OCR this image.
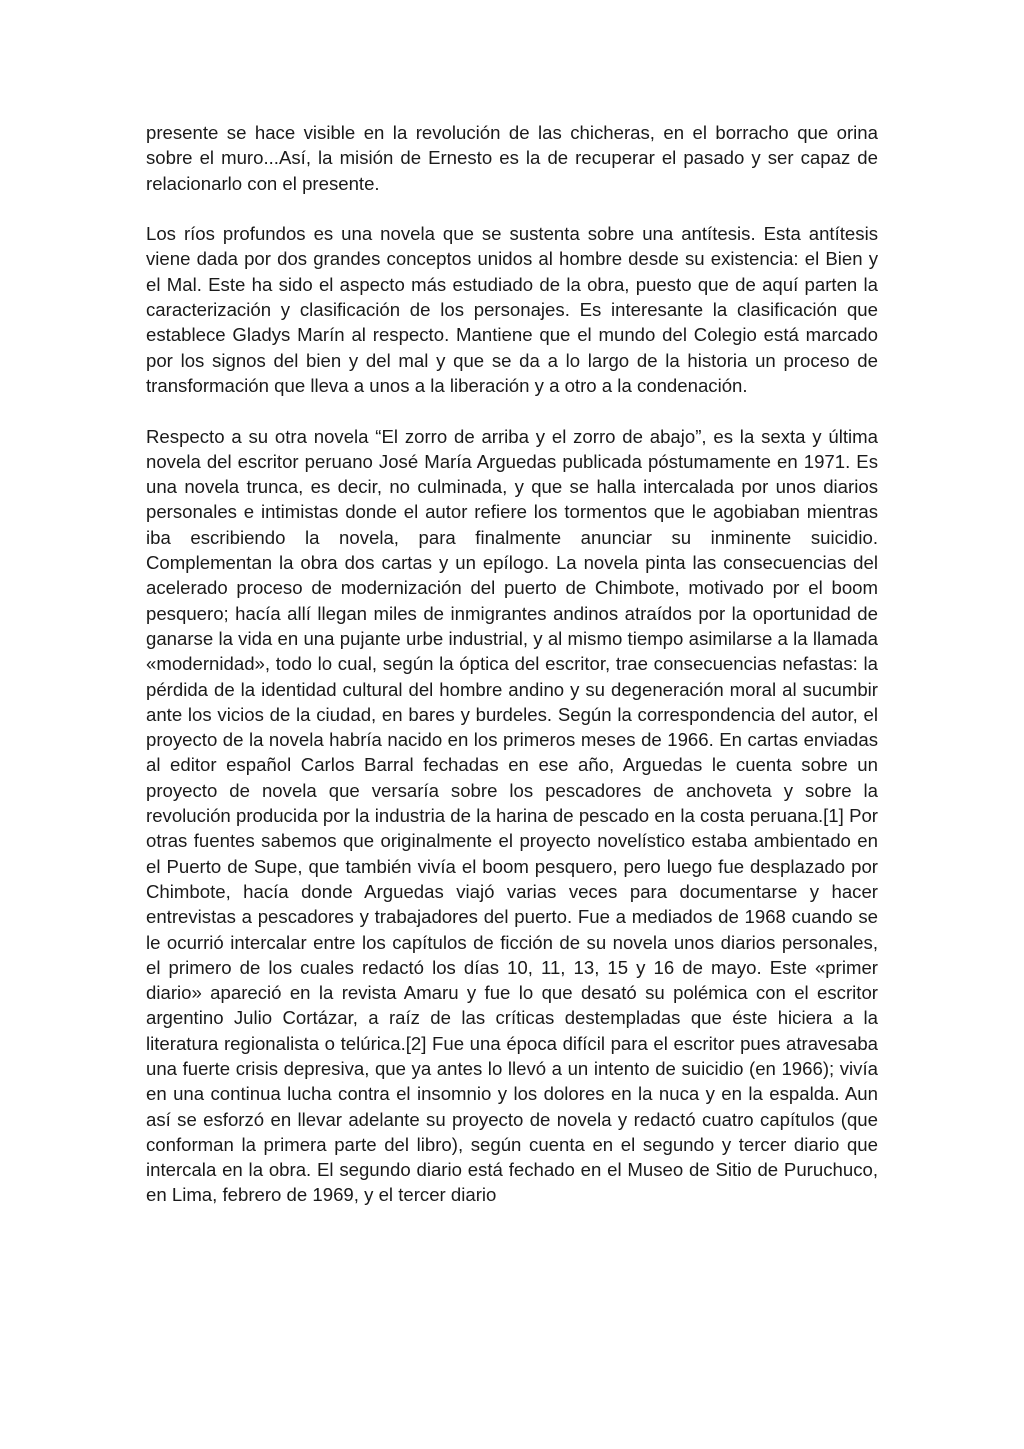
presente se hace visible en la revolución de las chicheras, en el borracho que orina sobre el muro...Así, la misión de Ernesto es la de recuperar el pasado y ser capaz de relacionarlo con el presente.

Los ríos profundos es una novela que se sustenta sobre una antítesis. Esta antítesis viene dada por dos grandes conceptos unidos al hombre desde su existencia: el Bien y el Mal. Este ha sido el aspecto más estudiado de la obra, puesto que de aquí parten la caracterización y clasificación de los personajes. Es interesante la clasificación que establece Gladys Marín al respecto. Mantiene que el mundo del Colegio está marcado por los signos del bien y del mal y que se da a lo largo de la historia un proceso de transformación que lleva a unos a la liberación y a otro a la condenación.

Respecto a su otra novela “El zorro de arriba y el zorro de abajo”, es la sexta y última novela del escritor peruano José María Arguedas publicada póstumamente en 1971. Es una novela trunca, es decir, no culminada, y que se halla intercalada por unos diarios personales e intimistas donde el autor refiere los tormentos que le agobiaban mientras iba escribiendo la novela, para finalmente anunciar su inminente suicidio. Complementan la obra dos cartas y un epílogo. La novela pinta las consecuencias del acelerado proceso de modernización del puerto de Chimbote, motivado por el boom pesquero; hacía allí llegan miles de inmigrantes andinos atraídos por la oportunidad de ganarse la vida en una pujante urbe industrial, y al mismo tiempo asimilarse a la llamada «modernidad», todo lo cual, según la óptica del escritor, trae consecuencias nefastas: la pérdida de la identidad cultural del hombre andino y su degeneración moral al sucumbir ante los vicios de la ciudad, en bares y burdeles. Según la correspondencia del autor, el proyecto de la novela habría nacido en los primeros meses de 1966. En cartas enviadas al editor español Carlos Barral fechadas en ese año, Arguedas le cuenta sobre un proyecto de novela que versaría sobre los pescadores de anchoveta y sobre la revolución producida por la industria de la harina de pescado en la costa peruana.[1] Por otras fuentes sabemos que originalmente el proyecto novelístico estaba ambientado en el Puerto de Supe, que también vivía el boom pesquero, pero luego fue desplazado por Chimbote, hacía donde Arguedas viajó varias veces para documentarse y hacer entrevistas a pescadores y trabajadores del puerto. Fue a mediados de 1968 cuando se le ocurrió intercalar entre los capítulos de ficción de su novela unos diarios personales, el primero de los cuales redactó los días 10, 11, 13, 15 y 16 de mayo. Este «primer diario» apareció en la revista Amaru y fue lo que desató su polémica con el escritor argentino Julio Cortázar, a raíz de las críticas destempladas que éste hiciera a la literatura regionalista o telúrica.[2] Fue una época difícil para el escritor pues atravesaba una fuerte crisis depresiva, que ya antes lo llevó a un intento de suicidio (en 1966); vivía en una continua lucha contra el insomnio y los dolores en la nuca y en la espalda. Aun así se esforzó en llevar adelante su proyecto de novela y redactó cuatro capítulos (que conforman la primera parte del libro), según cuenta en el segundo y tercer diario que intercala en la obra. El segundo diario está fechado en el Museo de Sitio de Puruchuco, en Lima, febrero de 1969, y el tercer diario
